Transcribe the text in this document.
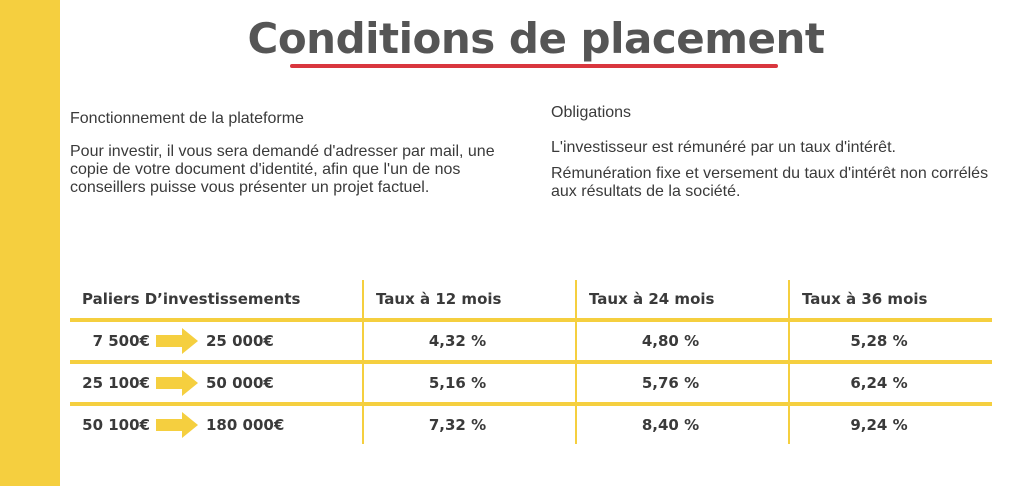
Conditions de placement

Fonctionnement de la plateforme

Pour investir, il vous sera demandé d'adresser par mail, une copie de votre document d'identité, afin que l'un de nos conseillers puisse vous présenter un projet factuel.

Obligations

L'investisseur est rémunéré par un taux d'intérêt.

Rémunération fixe et versement du taux d'intérêt non corrélés aux résultats de la société.

Paliers D’investissements	Taux à 12 mois	Taux à 24 mois	Taux à 36 mois

7 500€ 25 000€	4,32 %	4,80 %	5,28 %

25 100€ 50 000€	5,16 %	5,76 %	6,24 %

50 100€ 180 000€	7,32 %	8,40 %	9,24 %
